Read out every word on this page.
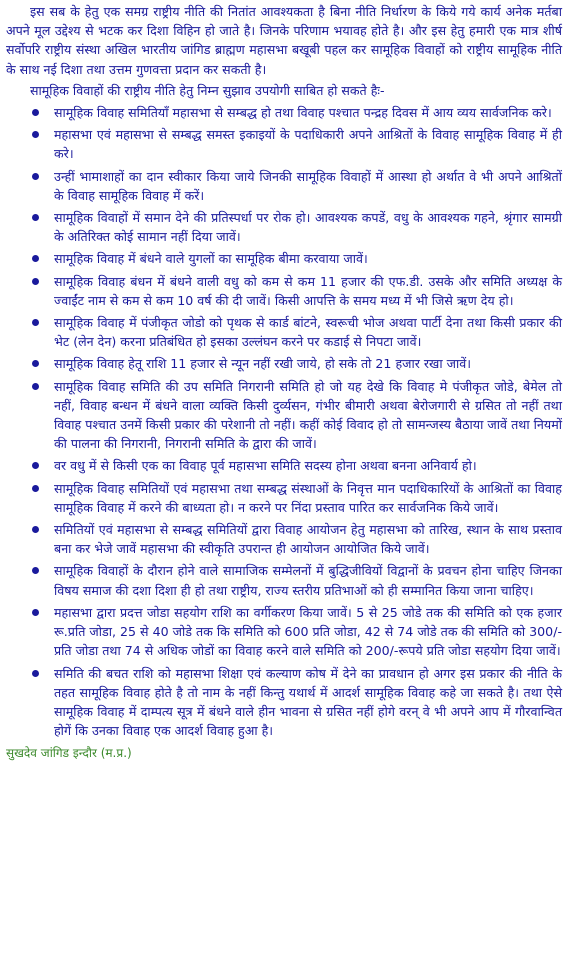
इस सब के हेतु एक समग्र राष्ट्रीय नीति की नितांत आवश्यकता है बिना नीति निर्धारण के किये गये कार्य अनेक मर्तबा अपने मूल उद्देश्य से भटक कर दिशा विहिन हो जाते है। जिनके परिणाम भयावह होते है। और इस हेतु हमारी एक मात्र शीर्ष सर्वोपरि राष्ट्रीय संस्था अखिल भारतीय जांगिड ब्राह्मण महासभा बखूबी पहल कर सामूहिक विवाहों को राष्ट्रीय सामूहिक नीति के साथ नई दिशा तथा उत्तम गुणवत्ता प्रदान कर सकती है।

सामूहिक विवाहों की राष्ट्रीय नीति हेतु निम्न सुझाव उपयोगी साबित हो सकते हैः-

सामूहिक विवाह समितियाँ महासभा से सम्बद्ध हो तथा विवाह पश्चात पन्द्रह दिवस में आय व्यय सार्वजनिक करे।
महासभा एवं महासभा से सम्बद्ध समस्त इकाइयों के पदाधिकारी अपने आश्रितों के विवाह सामूहिक विवाह में ही करे।
उन्हीं भामाशाहों का दान स्वीकार किया जाये जिनकी सामूहिक विवाहों में आस्था हो अर्थात वे भी अपने आश्रितों के विवाह सामूहिक विवाह में करें।
सामूहिक विवाहों में समान देने की प्रतिस्पर्धा पर रोक हो। आवश्यक कपडें, वधु के आवश्यक गहने, श्रृंगार सामग्री के अतिरिक्त कोई सामान नहीं दिया जावें।
सामूहिक विवाह में बंधने वाले युगलों का सामूहिक बीमा करवाया जावें।
सामूहिक विवाह बंधन में बंधने वाली वधु को कम से कम 11 हजार की एफ.डी. उसके और समिति अध्यक्ष के ज्वाईंट नाम से कम से कम 10 वर्ष की दी जावें। किसी आपत्ति के समय मध्य में भी जिसे ऋण देय हो।
सामूहिक विवाह में पंजीकृत जोडो को पृथक से कार्ड बांटने, स्वरूची भोज अथवा पार्टी देना तथा किसी प्रकार की भेट (लेन देन) करना प्रतिबंधित हो इसका उल्लंघन करने पर कडाई से निपटा जावें।
सामूहिक विवाह हेतू राशि 11 हजार से न्यून नहीं रखी जाये, हो सके तो 21 हजार रखा जावें।
सामूहिक विवाह समिति की उप समिति निगरानी समिति हो जो यह देखे कि विवाह मे पंजीकृत जोडे, बेमेल तो नहीं, विवाह बन्धन में बंधने वाला व्यक्ति किसी दुर्व्यसन, गंभीर बीमारी अथवा बेरोजगारी से ग्रसित तो नहीं तथा विवाह पश्चात उनमें किसी प्रकार की परेशानी तो नहीं। कहीं कोई विवाद हो तो सामन्जस्य बैठाया जावें तथा नियमों की पालना की निगरानी, निगरानी समिति के द्वारा की जावें।
वर वधु में से किसी एक का विवाह पूर्व महासभा समिति सदस्य होना अथवा बनना अनिवार्य हो।
सामूहिक विवाह समितियों एवं महासभा तथा सम्बद्ध संस्थाओं के निवृत्त मान पदाधिकारियों के आश्रितों का विवाह सामूहिक विवाह में करने की बाध्यता हो। न करने पर निंदा प्रस्ताव पारित कर सार्वजनिक किये जावें।
समितियों एवं महासभा से सम्बद्ध समितियों द्वारा विवाह आयोजन हेतु महासभा को तारिख, स्थान के साथ प्रस्ताव बना कर भेजे जावें महासभा की स्वीकृति उपरान्त ही आयोजन आयोजित किये जावें।
सामूहिक विवाहों के दौरान होने वाले सामाजिक सम्मेलनों में बुद्धिजीवियों विद्वानों के प्रवचन होना चाहिए जिनका विषय समाज की दशा दिशा ही हो तथा राष्ट्रीय, राज्य स्तरीय प्रतिभाओं को ही सम्मानित किया जाना चाहिए।
महासभा द्वारा प्रदत्त जोडा सहयोग राशि का वर्गीकरण किया जावें। 5 से 25 जोडे तक की समिति को एक हजार रू.प्रति जोडा, 25 से 40 जोडे तक कि समिति को 600 प्रति जोडा, 42 से 74 जोडे तक की समिति को 300/-प्रति जोडा तथा 74 से अधिक जोडों का विवाह करने वाले समिति को 200/-रूपये प्रति जोडा सहयोग दिया जावें।
समिति की बचत राशि को महासभा शिक्षा एवं कल्याण कोष में देने का प्रावधान हो अगर इस प्रकार की नीति के तहत सामूहिक विवाह होते है तो नाम के नहीं किन्तु यथार्थ में आदर्श सामूहिक विवाह कहे जा सकते है। तथा ऐसे सामूहिक विवाह में दाम्पत्य सूत्र में बंधने वाले हीन भावना से ग्रसित नहीं होगे वरन् वे भी अपने आप में गौरवान्वित होगें कि उनका विवाह एक आदर्श विवाह हुआ है।

सुखदेव जांगिड इन्दौर (म.प्र.)
